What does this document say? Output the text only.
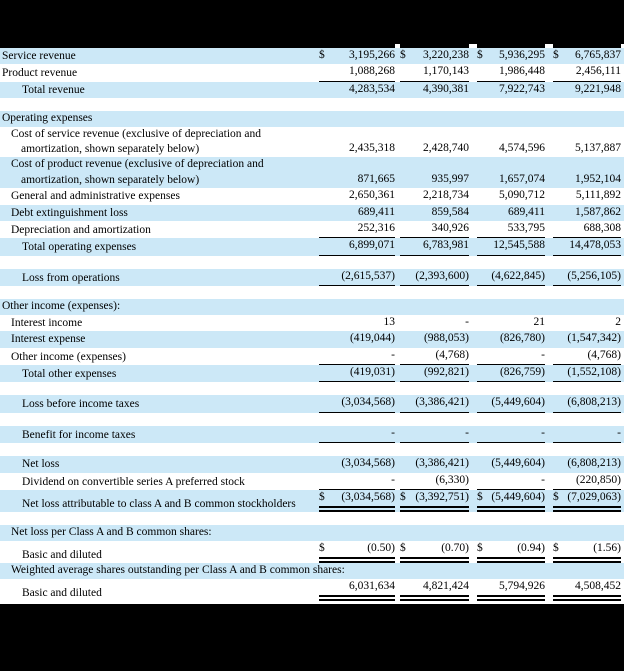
Service revenue	$ 3,195,266 $ 3,220,238 $ 5,936,295 $ 6,765,837
Product revenue	1,088,268 1,170,143	1,986,448	2,456,111
Total revenue	4,283,534 4,390,381	7,922,743	9,221,948
Operating expenses
Cost of service revenue (exclusive of depreciation and amortization, shown separately below)	2,435,318 2,428,740	4,574,596	5,137,887
Cost of product revenue (exclusive of depreciation and amortization, shown separately below)	871,665	935,997	1,657,074	1,952,104
General and administrative expenses	2,650,361 2,218,734	5,090,712	5,111,892
Debt extinguishment loss	689,411	859,584	689,411	1,587,862
Depreciation and amortization	252,316	340,926	533,795	688,308
Total operating expenses	6,899,071 6,783,981 12,545,588 14,478,053
Loss from operations	(2,615,537) (2,393,600) (4,622,845) (5,256,105)
Other income (expenses):
Interest income	13	-	21	2
Interest expense	(419,044)	(988,053)	(826,780) (1,547,342)
Other income (expenses)	-	(4,768)	-	(4,768)
Total other expenses	(419,031)	(992,821)	(826,759) (1,552,108)
Loss before income taxes	(3,034,568) (3,386,421) (5,449,604) (6,808,213)
Benefit for income taxes	-	-	-	-
Net loss	(3,034,568) (3,386,421) (5,449,604) (6,808,213)
Dividend on convertible series A preferred stock	-	(6,330)	-	(220,850)
Net loss attributable to class A and B common stockholders
$ (3,034,568) $ (3,392,751) $ (5,449,604) $ (7,029,063)
Net loss per Class A and B common shares:
Basic and diluted
$	(0.50) $	(0.70) $	(0.94) $	(1.56)
Weighted average shares outstanding per Class A and B common shares:
Basic and diluted
6,031,634 4,821,424	5,794,926	4,508,452
